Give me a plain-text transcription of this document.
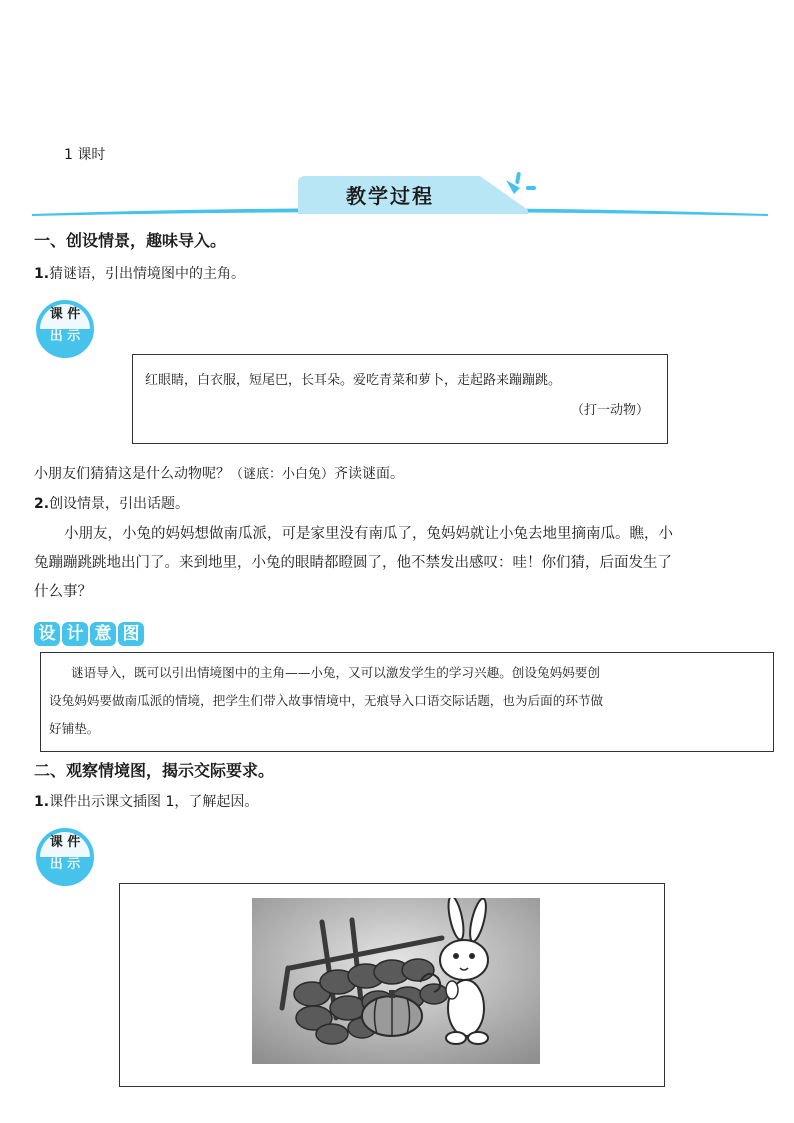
1 课时
教学过程
一、创设情景，趣味导入。
1.猜谜语，引出情境图中的主角。
课 件
出 示
红眼睛，白衣服，短尾巴，长耳朵。爱吃青菜和萝卜，走起路来蹦蹦跳。
（打一动物）
小朋友们猜猜这是什么动物呢？（谜底：小白兔）齐读谜面。
2.创设情景，引出话题。
小朋友，小兔的妈妈想做南瓜派，可是家里没有南瓜了，兔妈妈就让小兔去地里摘南瓜。瞧，小
兔蹦蹦跳跳地出门了。来到地里，小兔的眼睛都瞪圆了，他不禁发出感叹：哇！你们猜，后面发生了
什么事？
设 计 意 图
谜语导入，既可以引出情境图中的主角——小兔，又可以激发学生的学习兴趣。创设兔妈妈要创
设兔妈妈要做南瓜派的情境，把学生们带入故事情境中，无痕导入口语交际话题，也为后面的环节做
好铺垫。
二、观察情境图，揭示交际要求。
1.课件出示课文插图 1，了解起因。
课 件
出 示
